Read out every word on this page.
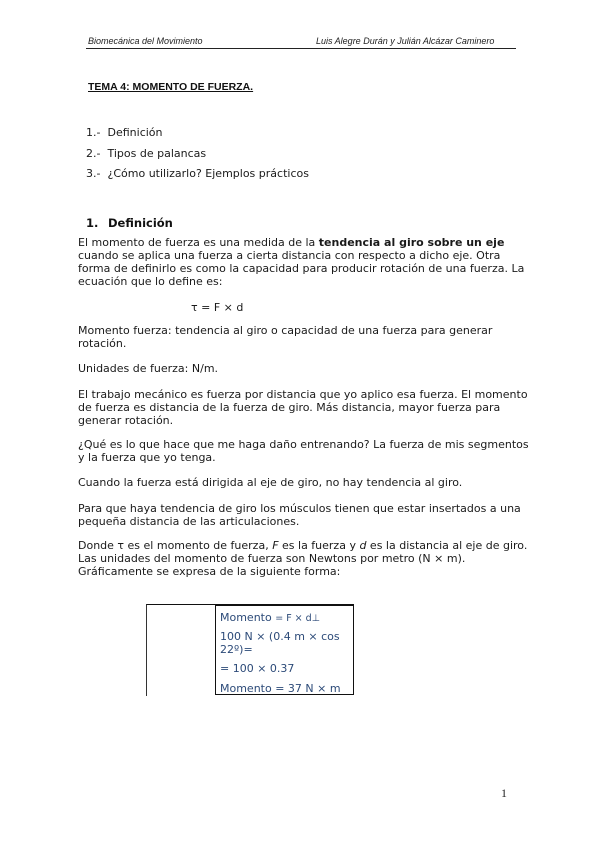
Biomecánica del Movimiento	Luis Alegre Durán y Julián Alcázar Caminero
TEMA 4: MOMENTO DE FUERZA.
1.- Definición
2.- Tipos de palancas
3.- ¿Cómo utilizarlo? Ejemplos prácticos
1. Definición
El momento de fuerza es una medida de la tendencia al giro sobre un eje cuando se aplica una fuerza a cierta distancia con respecto a dicho eje. Otra forma de definirlo es como la capacidad para producir rotación de una fuerza. La ecuación que lo define es:
τ = F × d
Momento fuerza: tendencia al giro o capacidad de una fuerza para generar rotación.
Unidades de fuerza: N/m.
El trabajo mecánico es fuerza por distancia que yo aplico esa fuerza. El momento de fuerza es distancia de la fuerza de giro. Más distancia, mayor fuerza para generar rotación.
¿Qué es lo que hace que me haga daño entrenando? La fuerza de mis segmentos y la fuerza que yo tenga.
Cuando la fuerza está dirigida al eje de giro, no hay tendencia al giro.
Para que haya tendencia de giro los músculos tienen que estar insertados a una pequeña distancia de las articulaciones.
Donde τ es el momento de fuerza, F es la fuerza y d es la distancia al eje de giro. Las unidades del momento de fuerza son Newtons por metro (N × m). Gráficamente se expresa de la siguiente forma:
Momento = F × d⊥
100 N × (0.4 m × cos 22º)=
= 100 × 0.37
Momento = 37 N × m
1
